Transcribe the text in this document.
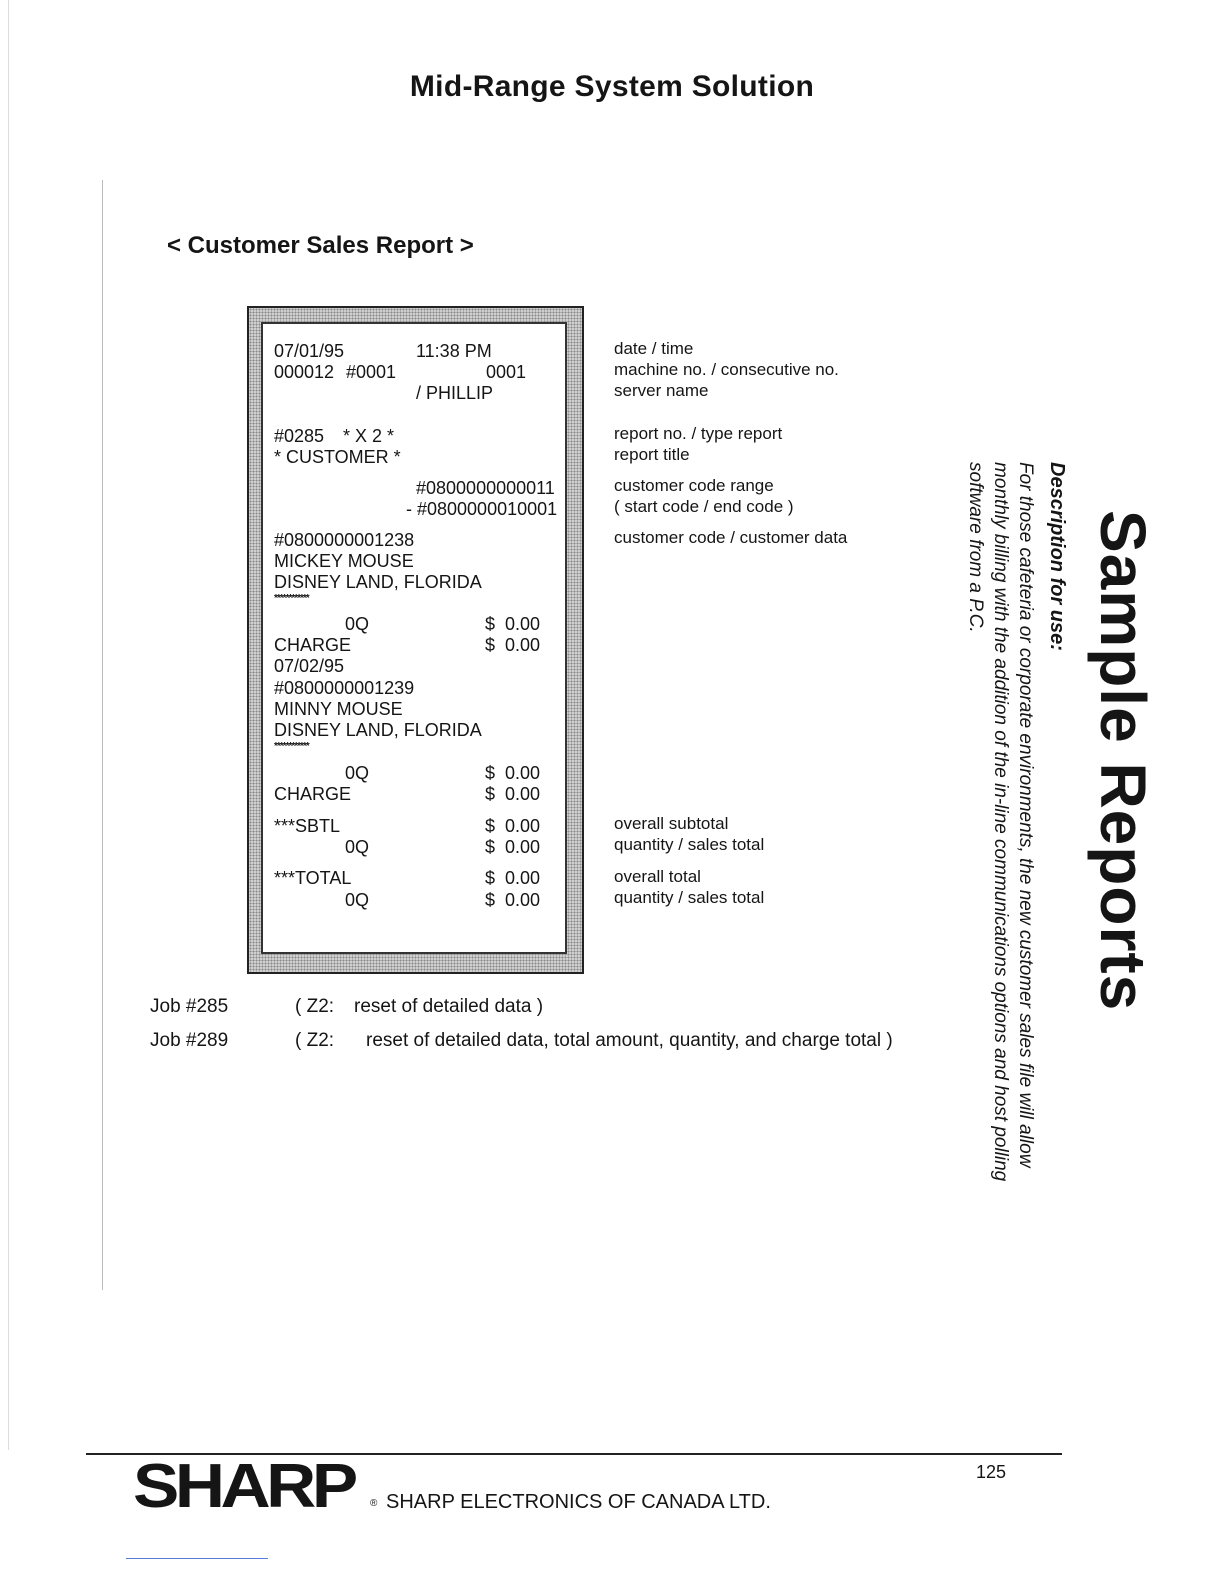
Mid-Range System Solution
< Customer Sales Report >
07/01/95	11:38 PM
000012 #0001	0001
/ PHILLIP
#0285 * X 2 *
* CUSTOMER *
#0800000000011
- #0800000010001
#0800000001238
MICKEY MOUSE
DISNEY LAND, FLORIDA
************
0Q	$  0.00
CHARGE	$  0.00
07/02/95
#0800000001239
MINNY MOUSE
DISNEY LAND, FLORIDA
************
0Q	$  0.00
CHARGE	$  0.00
***SBTL	$  0.00
0Q	$  0.00
***TOTAL	$  0.00
0Q	$  0.00
date / time
machine no. / consecutive no.
server name
report no. / type report
report title
customer code range
( start code / end code )
customer code / customer data
overall subtotal
quantity / sales total
overall total
quantity / sales total
Job #285	( Z2: reset of detailed data )
Job #289	( Z2: reset of detailed data, total amount, quantity, and charge total )
Sample Reports
Description for use:
For those cafeteria or corporate environments, the new customer sales file will allow
monthly billing with the addition of the in-line communications options and host polling
software from a P.C.
SHARP ® SHARP ELECTRONICS OF CANADA LTD.
125
